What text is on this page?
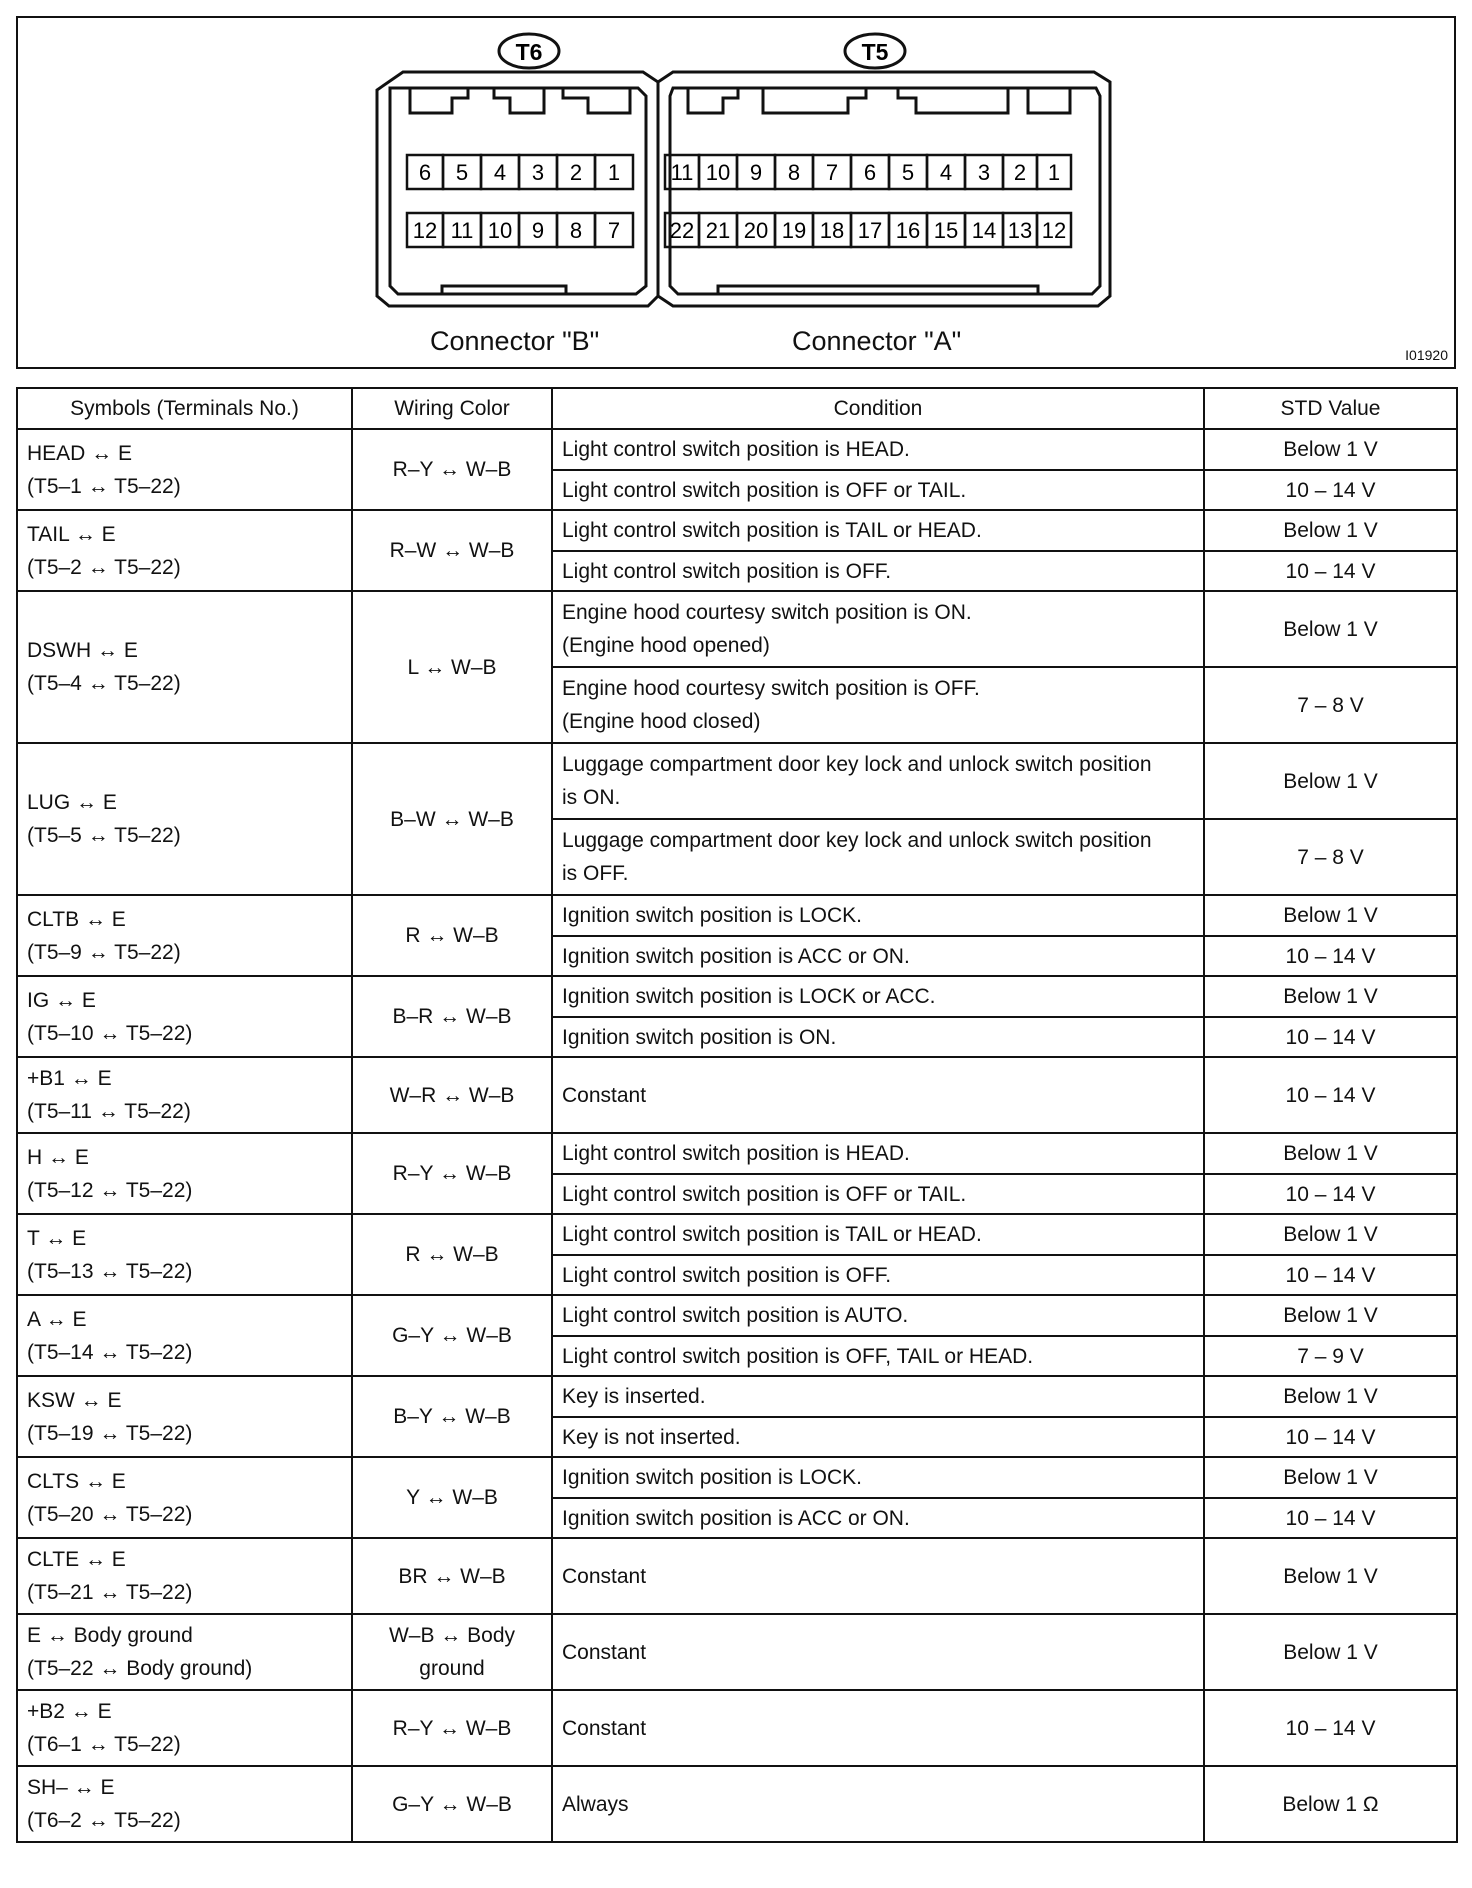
T6	T5
6 5 4 3 2 1
12 11 10 9 8 7
11 10 9 8 7 6 5 4 3 2 1
22 21 20 19 18 17 16 15 14 13 12
Connector "B"	Connector "A"	I01920
Symbols (Terminals No.)	Wiring Color	Condition	STD Value

HEAD ↔ E
(T5–1 ↔ T5–22)	R–Y ↔ W–B	Light control switch position is HEAD.	Below 1 V

		Light control switch position is OFF or TAIL.	10 – 14 V

TAIL ↔ E
(T5–2 ↔ T5–22)	R–W ↔ W–B	Light control switch position is TAIL or HEAD.	Below 1 V

		Light control switch position is OFF.	10 – 14 V

DSWH ↔ E
(T5–4 ↔ T5–22)	L ↔ W–B	Engine hood courtesy switch position is ON.
(Engine hood opened)	Below 1 V

		Engine hood courtesy switch position is OFF.
(Engine hood closed)	7 – 8 V

LUG ↔ E
(T5–5 ↔ T5–22)	B–W ↔ W–B	Luggage compartment door key lock and unlock switch position
is ON.	Below 1 V

		Luggage compartment door key lock and unlock switch position
is OFF.	7 – 8 V

CLTB ↔ E
(T5–9 ↔ T5–22)	R ↔ W–B	Ignition switch position is LOCK.	Below 1 V

		Ignition switch position is ACC or ON.	10 – 14 V

IG ↔ E
(T5–10 ↔ T5–22)	B–R ↔ W–B	Ignition switch position is LOCK or ACC.	Below 1 V

		Ignition switch position is ON.	10 – 14 V

+B1 ↔ E
(T5–11 ↔ T5–22)	W–R ↔ W–B	Constant	10 – 14 V

H ↔ E
(T5–12 ↔ T5–22)	R–Y ↔ W–B	Light control switch position is HEAD.	Below 1 V

		Light control switch position is OFF or TAIL.	10 – 14 V

T ↔ E
(T5–13 ↔ T5–22)	R ↔ W–B	Light control switch position is TAIL or HEAD.	Below 1 V

		Light control switch position is OFF.	10 – 14 V

A ↔ E
(T5–14 ↔ T5–22)	G–Y ↔ W–B	Light control switch position is AUTO.	Below 1 V

		Light control switch position is OFF, TAIL or HEAD.	7 – 9 V

KSW ↔ E
(T5–19 ↔ T5–22)	B–Y ↔ W–B	Key is inserted.	Below 1 V

		Key is not inserted.	10 – 14 V

CLTS ↔ E
(T5–20 ↔ T5–22)	Y ↔ W–B	Ignition switch position is LOCK.	Below 1 V

		Ignition switch position is ACC or ON.	10 – 14 V

CLTE ↔ E
(T5–21 ↔ T5–22)	BR ↔ W–B	Constant	Below 1 V

E ↔ Body ground
(T5–22 ↔ Body ground)	W–B ↔ Body
ground	Constant	Below 1 V

+B2 ↔ E
(T6–1 ↔ T5–22)	R–Y ↔ W–B	Constant	10 – 14 V

SH– ↔ E
(T6–2 ↔ T5–22)	G–Y ↔ W–B	Always	Below 1 Ω
